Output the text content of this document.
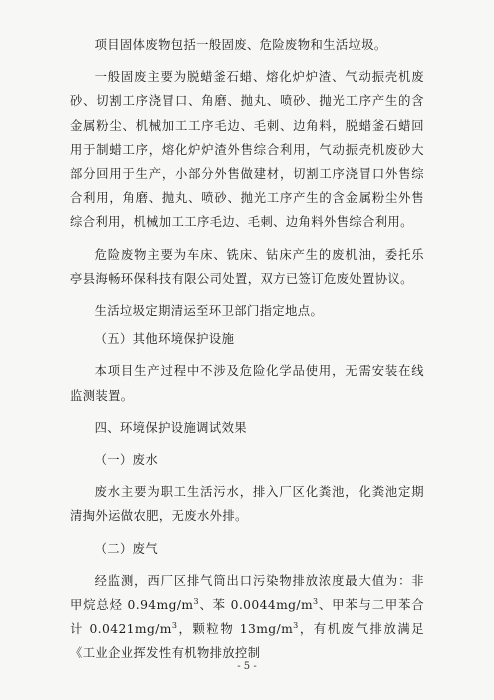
项目固体废物包括一般固废、危险废物和生活垃圾。

一般固废主要为脱蜡釜石蜡、熔化炉炉渣、气动振壳机废砂、切割工序浇冒口、角磨、抛丸、喷砂、抛光工序产生的含金属粉尘、机械加工工序毛边、毛刺、边角料，脱蜡釜石蜡回用于制蜡工序，熔化炉炉渣外售综合利用，气动振壳机废砂大部分回用于生产，小部分外售做建材，切割工序浇冒口外售综合利用，角磨、抛丸、喷砂、抛光工序产生的含金属粉尘外售综合利用，机械加工工序毛边、毛刺、边角料外售综合利用。

危险废物主要为车床、铣床、钻床产生的废机油，委托乐亭县海畅环保科技有限公司处置，双方已签订危废处置协议。

生活垃圾定期清运至环卫部门指定地点。

（五）其他环境保护设施

本项目生产过程中不涉及危险化学品使用，无需安装在线监测装置。

四、环境保护设施调试效果

（一）废水

废水主要为职工生活污水，排入厂区化粪池，化粪池定期清掏外运做农肥，无废水外排。

（二）废气

经监测，西厂区排气筒出口污染物排放浓度最大值为：非甲烷总烃 $0.94mg/m^3$、苯 $0.0044mg/m^3$、甲苯与二甲苯合计 $0.0421mg/m^3$，颗粒物 $13mg/m^3$，有机废气排放满足《工业企业挥发性有机物排放控制

- 5 -
